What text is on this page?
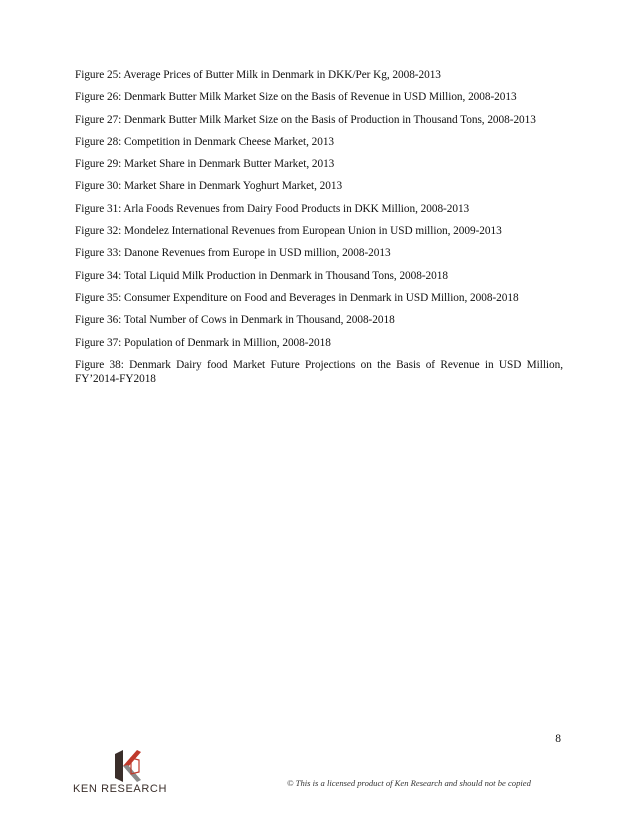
Figure 25: Average Prices of Butter Milk in Denmark in DKK/Per Kg, 2008-2013
Figure 26: Denmark Butter Milk Market Size on the Basis of Revenue in USD Million, 2008-2013
Figure 27: Denmark Butter Milk Market Size on the Basis of Production in Thousand Tons, 2008-2013
Figure 28: Competition in Denmark Cheese Market, 2013
Figure 29: Market Share in Denmark Butter Market, 2013
Figure 30: Market Share in Denmark Yoghurt Market, 2013
Figure 31: Arla Foods Revenues from Dairy Food Products in DKK Million, 2008-2013
Figure 32: Mondelez International Revenues from European Union in USD million, 2009-2013
Figure 33: Danone Revenues from Europe in USD million, 2008-2013
Figure 34: Total Liquid Milk Production in Denmark in Thousand Tons, 2008-2018
Figure 35: Consumer Expenditure on Food and Beverages in Denmark in USD Million, 2008-2018
Figure 36: Total Number of Cows in Denmark in Thousand, 2008-2018
Figure 37: Population of Denmark in Million, 2008-2018
Figure 38: Denmark Dairy food Market Future Projections on the Basis of Revenue in USD Million, FY’2014-FY2018
8
KEN RESEARCH	© This is a licensed product of Ken Research and should not be copied
